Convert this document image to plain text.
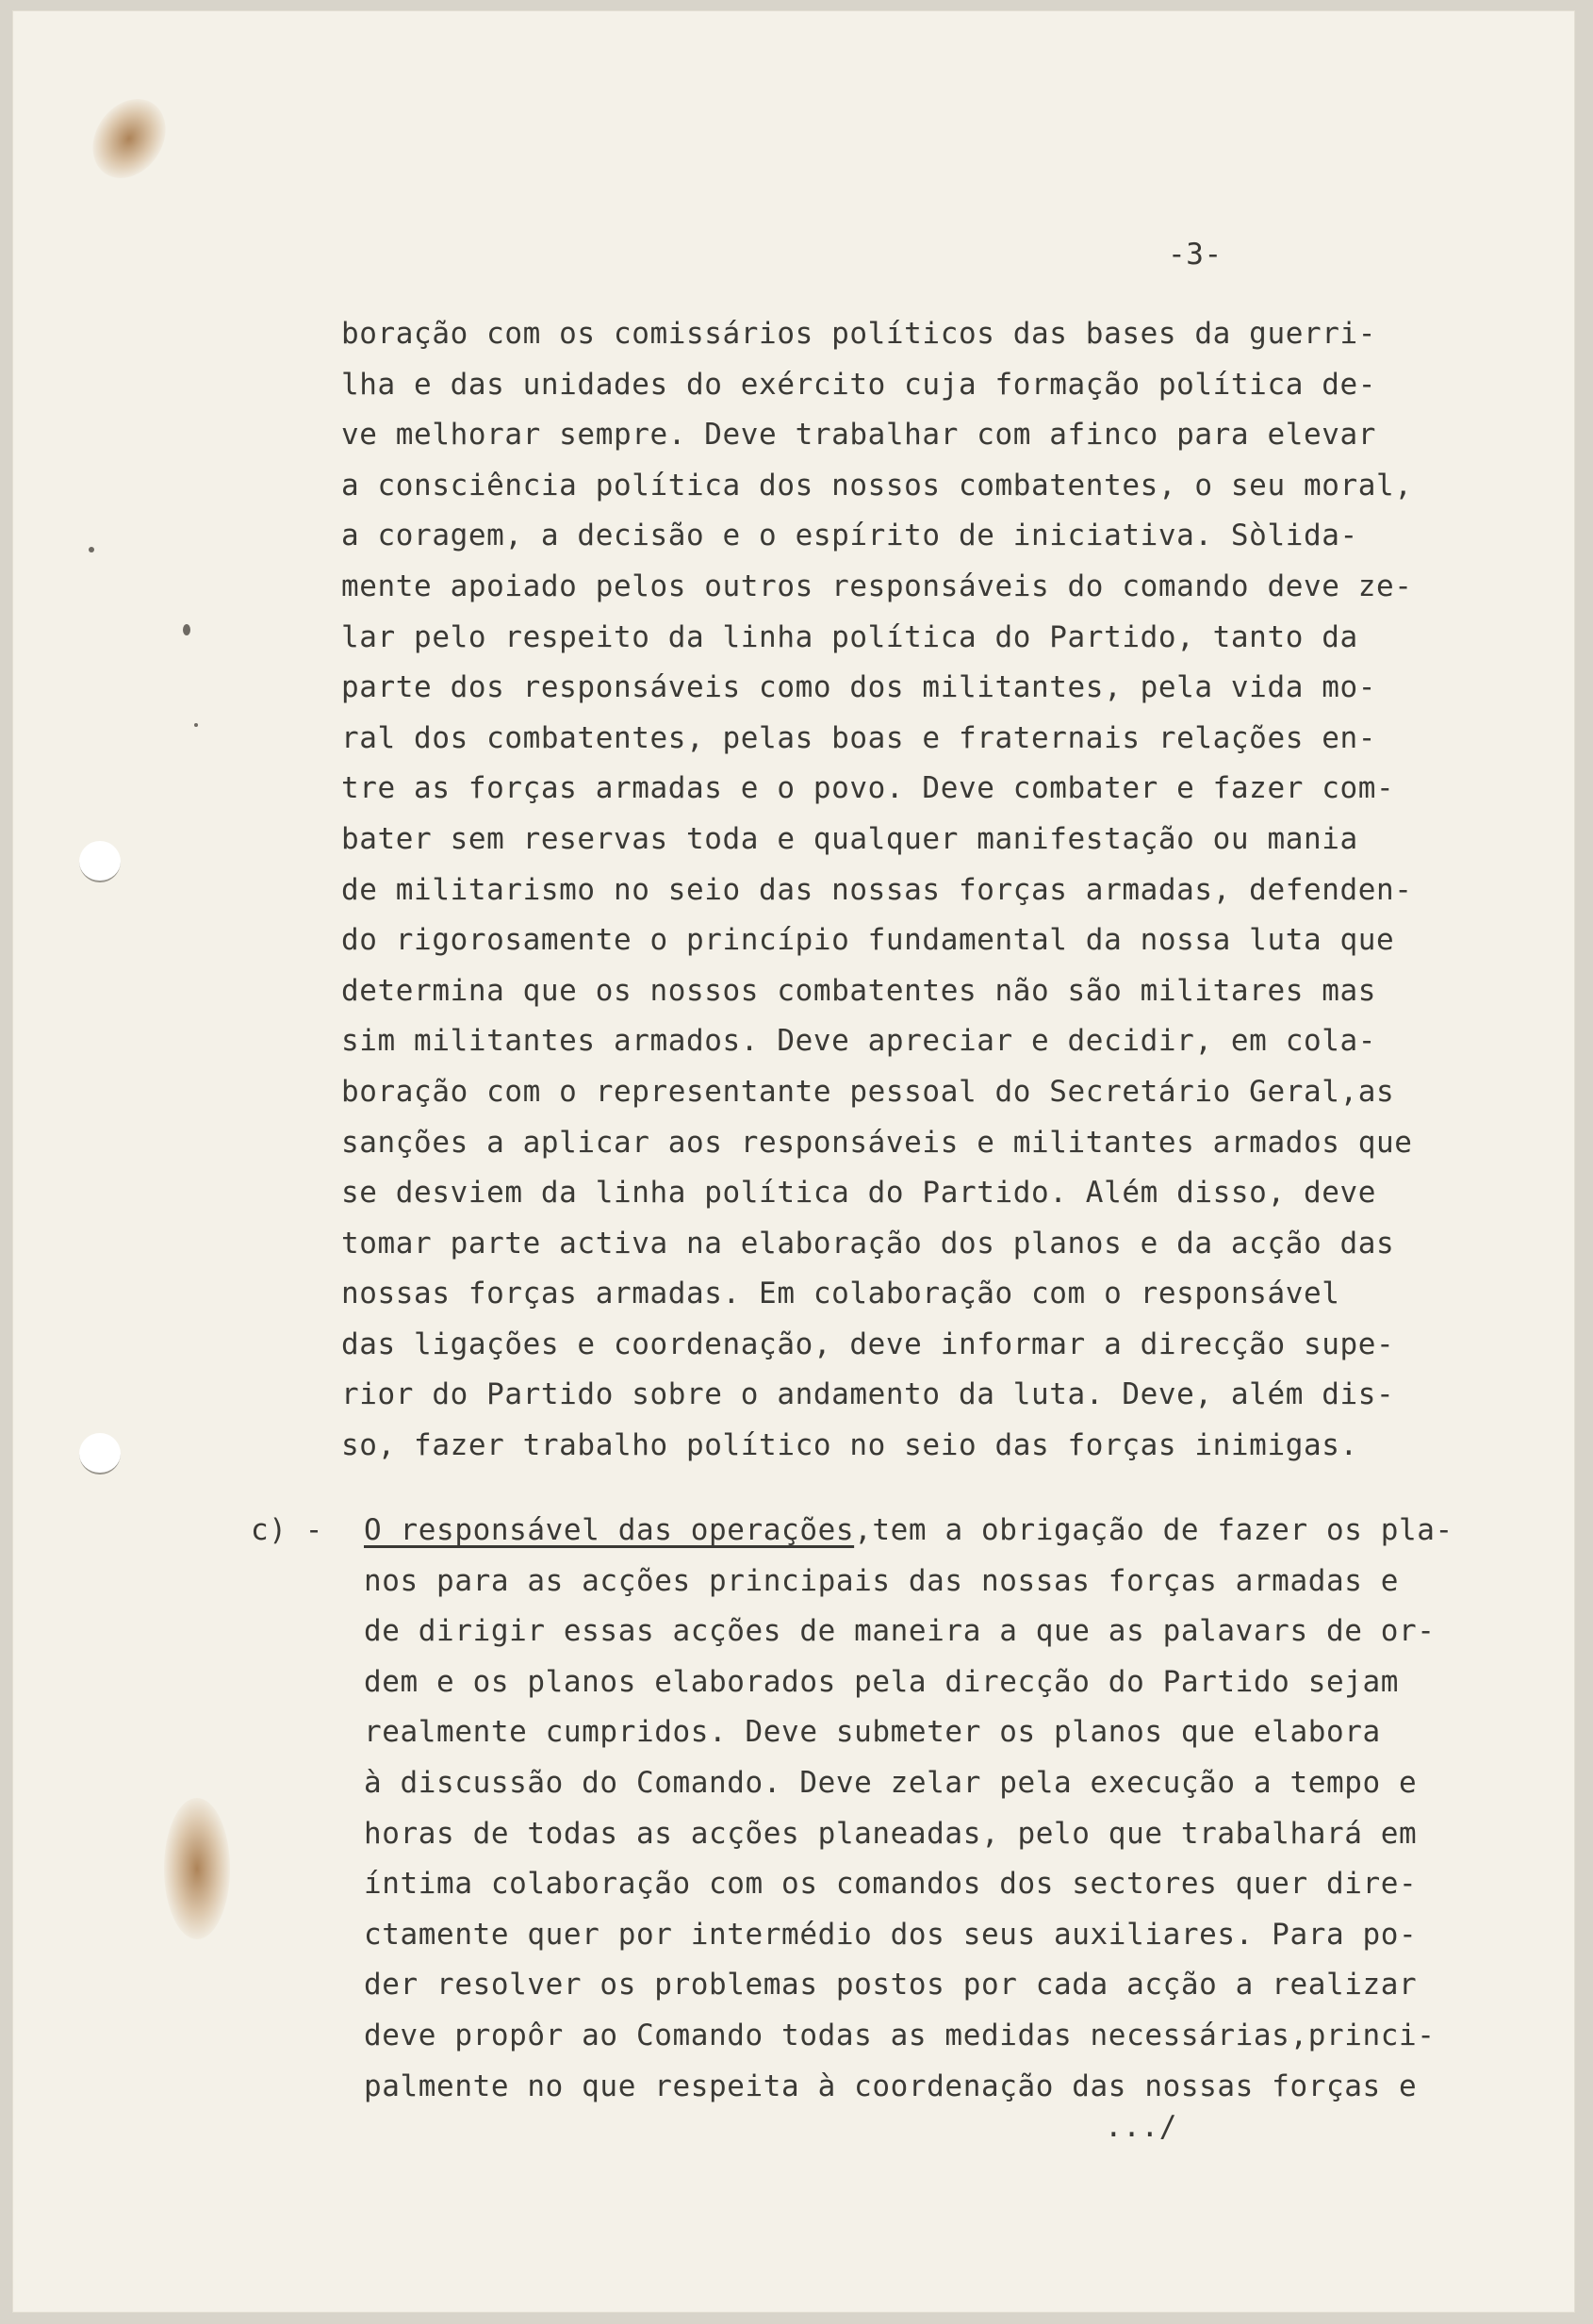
-3-
boração com os comissários políticos das bases da guerri-
lha e das unidades do exército cuja formação política de-
ve melhorar sempre. Deve trabalhar com afinco para elevar
a consciência política dos nossos combatentes, o seu moral,
a coragem, a decisão e o espírito de iniciativa. Sòlida-
mente apoiado pelos outros responsáveis do comando deve ze-
lar pelo respeito da linha política do Partido, tanto da
parte dos responsáveis como dos militantes, pela vida mo-
ral dos combatentes, pelas boas e fraternais relações en-
tre as forças armadas e o povo. Deve combater e fazer com-
bater sem reservas toda e qualquer manifestação ou mania
de militarismo no seio das nossas forças armadas, defenden-
do rigorosamente o princípio fundamental da nossa luta que
determina que os nossos combatentes não são militares mas
sim militantes armados. Deve apreciar e decidir, em cola-
boração com o representante pessoal do Secretário Geral,as
sanções a aplicar aos responsáveis e militantes armados que
se desviem da linha política do Partido. Além disso, deve
tomar parte activa na elaboração dos planos e da acção das
nossas forças armadas. Em colaboração com o responsável
das ligações e coordenação, deve informar a direcção supe-
rior do Partido sobre o andamento da luta. Deve, além dis-
so, fazer trabalho político no seio das forças inimigas.
c) - O responsável das operações,tem a obrigação de fazer os pla-
nos para as acções principais das nossas forças armadas e
de dirigir essas acções de maneira a que as palavars de or-
dem e os planos elaborados pela direcção do Partido sejam
realmente cumpridos. Deve submeter os planos que elabora
à discussão do Comando. Deve zelar pela execução a tempo e
horas de todas as acções planeadas, pelo que trabalhará em
íntima colaboração com os comandos dos sectores quer dire-
ctamente quer por intermédio dos seus auxiliares. Para po-
der resolver os problemas postos por cada acção a realizar
deve propôr ao Comando todas as medidas necessárias,princi-
palmente no que respeita à coordenação das nossas forças e
.../
